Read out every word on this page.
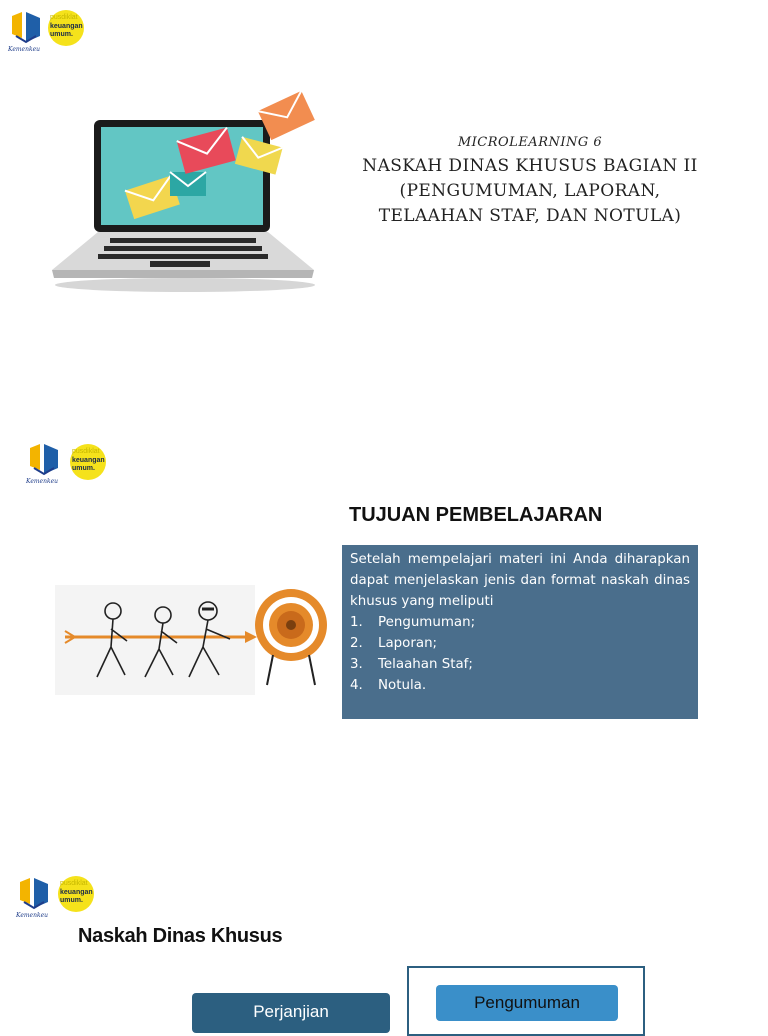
Kemenkeu
pusdiklat
keuangan
umum.
MICROLEARNING 6
NASKAH DINAS KHUSUS BAGIAN II
(PENGUMUMAN, LAPORAN,
TELAAHAN STAF, DAN NOTULA)
Kemenkeu
pusdiklat
keuangan
umum.
TUJUAN PEMBELAJARAN
Setelah mempelajari materi ini Anda diharapkan dapat menjelaskan jenis dan format naskah dinas khusus yang meliputi
1.	Pengumuman;
2.	Laporan;
3.	Telaahan Staf;
4.	Notula.
Kemenkeu
pusdiklat
keuangan
umum.
Naskah Dinas Khusus
Perjanjian	Pengumuman
